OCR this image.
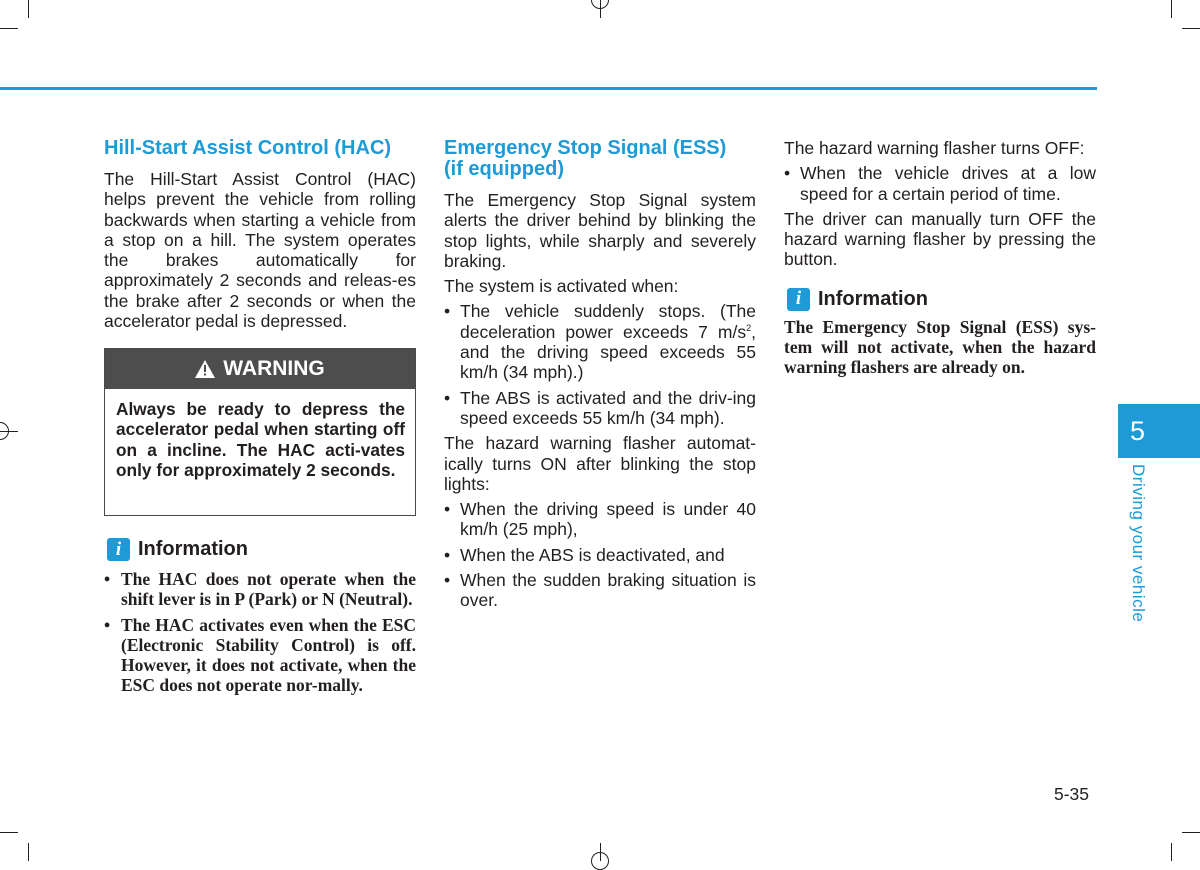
Hill-Start Assist Control (HAC)

The Hill-Start Assist Control (HAC) helps prevent the vehicle from rolling backwards when starting a vehicle from a stop on a hill. The system operates the brakes automatically for approximately 2 seconds and releas-es the brake after 2 seconds or when the accelerator pedal is depressed.

WARNING
Always be ready to depress the accelerator pedal when starting off on a incline. The HAC acti-vates only for approximately 2 seconds.
i Information
• The HAC does not operate when the shift lever is in P (Park) or N (Neutral).
• The HAC activates even when the ESC (Electronic Stability Control) is off. However, it does not activate, when the ESC does not operate nor-mally.
Emergency Stop Signal (ESS)
(if equipped)

The Emergency Stop Signal system alerts the driver behind by blinking the stop lights, while sharply and severely braking.

The system is activated when:

• The vehicle suddenly stops. (The deceleration power exceeds 7 $m/s^2$, and the driving speed exceeds 55 km/h (34 mph).)
• The ABS is activated and the driv-ing speed exceeds 55 km/h (34 mph).

The hazard warning flasher automat-ically turns ON after blinking the stop lights:

• When the driving speed is under 40 km/h (25 mph),
• When the ABS is deactivated, and
• When the sudden braking situation is over.

The hazard warning flasher turns OFF:

• When the vehicle drives at a low speed for a certain period of time.

The driver can manually turn OFF the hazard warning flasher by pressing the button.

i Information

The Emergency Stop Signal (ESS) sys-tem will not activate, when the hazard warning flashers are already on.

5
Driving your vehicle
5-35
